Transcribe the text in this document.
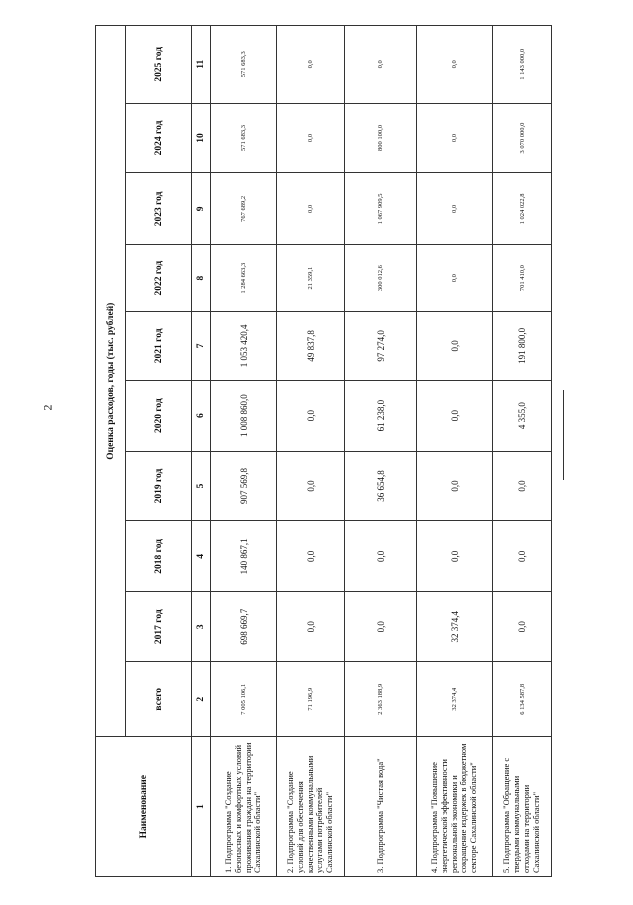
2
Наименование	Оценка расходов, годы (тыс. рублей)									
	всего	2017 год	2018 год	2019 год	2020 год	2021 год	2022 год	2023 год	2024 год	2025 год
1	2	3	4	5	6	7	8	9	10	11
1. Подпрограмма "Создание безопасных и комфортных условий проживания граждан на территории Сахалинской области"	7 005 106,1	698 669,7	140 867,1	907 569,8	1 008 860,0	1 053 420,4	1 284 663,3	767 689,2	571 683,3	571 683,3
2. Подпрограмма "Создание условий для обеспечения качественными коммунальными услугами потребителей Сахалинской области"	71 196,9	0,0	0,0	0,0	0,0	49 837,8	21 359,1	0,0	0,0	0,0
3. Подпрограмма "Чистая вода"	2 363 188,9	0,0	0,0	36 654,8	61 238,0	97 274,0	300 012,6	1 067 909,5	800 100,0	0,0
4. Подпрограмма "Повышение энергетической эффективности региональной экономики и сокращение издержек в бюджетном секторе Сахалинской области"	32 374,4	32 374,4	0,0	0,0	0,0	0,0	0,0	0,0	0,0	0,0
5. Подпрограмма "Обращение с твердыми коммунальными отходами на территории Сахалинской области"	6 134 587,8	0,0	0,0	0,0	4 355,0	191 800,0	701 410,0	1 024 022,8	3 070 000,0	1 143 000,0
